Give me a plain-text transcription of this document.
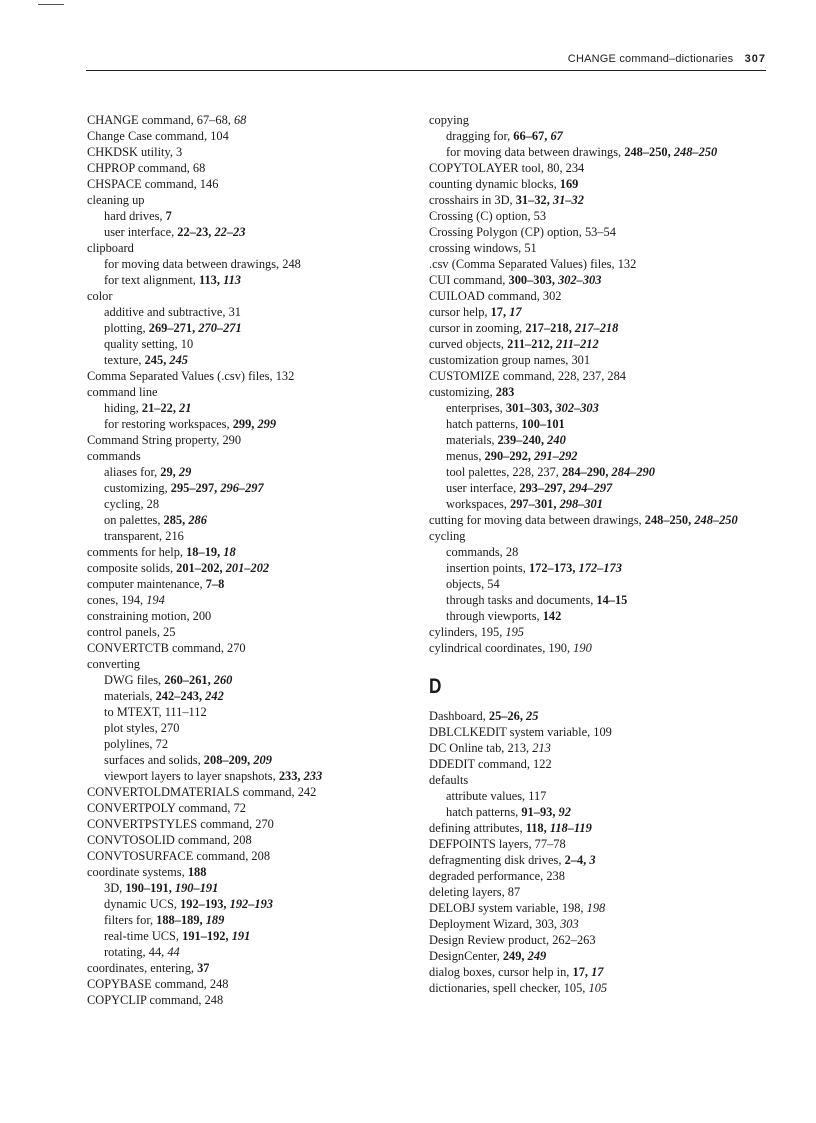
CHANGE command–dictionaries 307
CHANGE command, 67–68, 68
Change Case command, 104
CHKDSK utility, 3
CHPROP command, 68
CHSPACE command, 146
cleaning up
hard drives, 7
user interface, 22–23, 22–23
clipboard
for moving data between drawings, 248
for text alignment, 113, 113
color
additive and subtractive, 31
plotting, 269–271, 270–271
quality setting, 10
texture, 245, 245
Comma Separated Values (.csv) files, 132
command line
hiding, 21–22, 21
for restoring workspaces, 299, 299
Command String property, 290
commands
aliases for, 29, 29
customizing, 295–297, 296–297
cycling, 28
on palettes, 285, 286
transparent, 216
comments for help, 18–19, 18
composite solids, 201–202, 201–202
computer maintenance, 7–8
cones, 194, 194
constraining motion, 200
control panels, 25
CONVERTCTB command, 270
converting
DWG files, 260–261, 260
materials, 242–243, 242
to MTEXT, 111–112
plot styles, 270
polylines, 72
surfaces and solids, 208–209, 209
viewport layers to layer snapshots, 233, 233
CONVERTOLDMATERIALS command, 242
CONVERTPOLY command, 72
CONVERTPSTYLES command, 270
CONVTOSOLID command, 208
CONVTOSURFACE command, 208
coordinate systems, 188
3D, 190–191, 190–191
dynamic UCS, 192–193, 192–193
filters for, 188–189, 189
real-time UCS, 191–192, 191
rotating, 44, 44
coordinates, entering, 37
COPYBASE command, 248
COPYCLIP command, 248
copying
dragging for, 66–67, 67
for moving data between drawings, 248–250, 248–250
COPYTOLAYER tool, 80, 234
counting dynamic blocks, 169
crosshairs in 3D, 31–32, 31–32
Crossing (C) option, 53
Crossing Polygon (CP) option, 53–54
crossing windows, 51
.csv (Comma Separated Values) files, 132
CUI command, 300–303, 302–303
CUILOAD command, 302
cursor help, 17, 17
cursor in zooming, 217–218, 217–218
curved objects, 211–212, 211–212
customization group names, 301
CUSTOMIZE command, 228, 237, 284
customizing, 283
enterprises, 301–303, 302–303
hatch patterns, 100–101
materials, 239–240, 240
menus, 290–292, 291–292
tool palettes, 228, 237, 284–290, 284–290
user interface, 293–297, 294–297
workspaces, 297–301, 298–301
cutting for moving data between drawings, 248–250, 248–250
cycling
commands, 28
insertion points, 172–173, 172–173
objects, 54
through tasks and documents, 14–15
through viewports, 142
cylinders, 195, 195
cylindrical coordinates, 190, 190
D
Dashboard, 25–26, 25
DBLCLKEDIT system variable, 109
DC Online tab, 213, 213
DDEDIT command, 122
defaults
attribute values, 117
hatch patterns, 91–93, 92
defining attributes, 118, 118–119
DEFPOINTS layers, 77–78
defragmenting disk drives, 2–4, 3
degraded performance, 238
deleting layers, 87
DELOBJ system variable, 198, 198
Deployment Wizard, 303, 303
Design Review product, 262–263
DesignCenter, 249, 249
dialog boxes, cursor help in, 17, 17
dictionaries, spell checker, 105, 105
